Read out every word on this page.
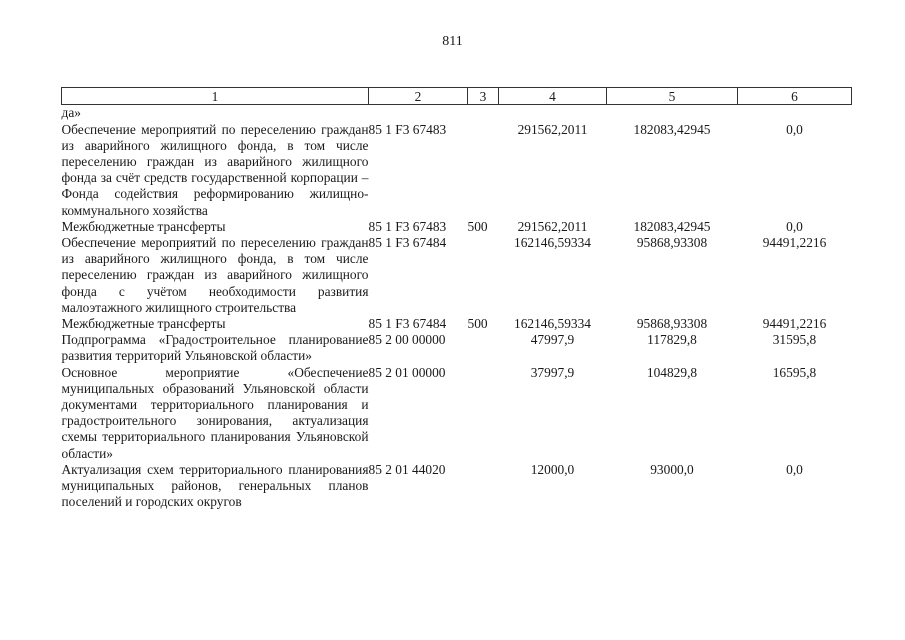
811
1	2	3	4	5	6
да»					
Обеспечение мероприятий по переселению граждан из аварийного жилищного фонда, в том числе переселению граждан из аварийного жилищного фонда за счёт средств государственной корпорации – Фонда содействия реформированию жилищно-коммунального хозяйства	85 1 F3 67483		291562,2011	182083,42945	0,0
Межбюджетные трансферты	85 1 F3 67483	500	291562,2011	182083,42945	0,0
Обеспечение мероприятий по переселению граждан из аварийного жилищного фонда, в том числе переселению граждан из аварийного жилищного фонда с учётом необходимости развития малоэтажного жилищного строительства	85 1 F3 67484		162146,59334	95868,93308	94491,2216
Межбюджетные трансферты	85 1 F3 67484	500	162146,59334	95868,93308	94491,2216
Подпрограмма «Градостроительное планирование развития территорий Ульяновской области»	85 2 00 00000		47997,9	117829,8	31595,8
Основное мероприятие «Обеспечение муниципальных образований Ульяновской области документами территориального планирования и градостроительного зонирования, актуализация схемы территориального планирования Ульяновской области»	85 2 01 00000		37997,9	104829,8	16595,8
Актуализация схем территориального планирования муниципальных районов, генеральных планов поселений и городских округов	85 2 01 44020		12000,0	93000,0	0,0
